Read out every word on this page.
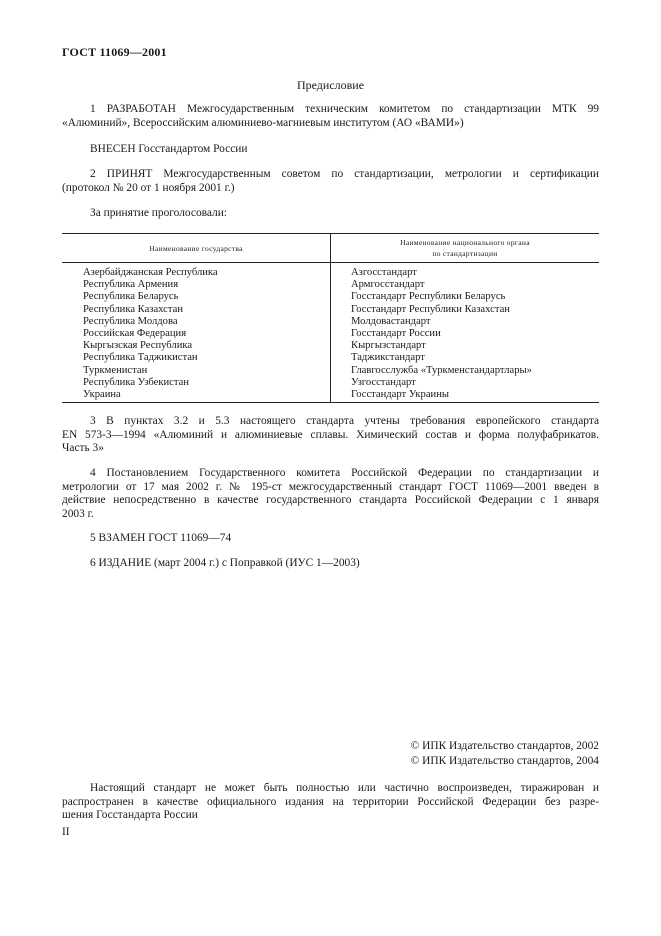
ГОСТ 11069—2001
Предисловие
1 РАЗРАБОТАН Межгосударственным техническим комитетом по стандартизации МТК 99
«Алюминий», Всероссийским алюминиево-магниевым институтом (АО «ВАМИ»)
ВНЕСЕН Госстандартом России
2 ПРИНЯТ Межгосударственным советом по стандартизации, метрологии и сертификации
(протокол № 20 от 1 ноября 2001 г.)
За принятие проголосовали:
Наименование государства	Наименование национального органа
по стандартизации

Азербайджанская Республика	Азгосстандарт
Республика Армения	Армгосстандарт
Республика Беларусь	Госстандарт Республики Беларусь
Республика Казахстан	Госстандарт Республики Казахстан
Республика Молдова	Молдовастандарт
Российская Федерация	Госстандарт России
Кыргызская Республика	Кыргызстандарт
Республика Таджикистан	Таджикстандарт
Туркменистан	Главгосслужба «Туркменстандартлары»
Республика Узбекистан	Узгосстандарт
Украина	Госстандарт Украины
3 В пунктах 3.2 и 5.3 настоящего стандарта учтены требования европейского стандарта
EN 573-3—1994 «Алюминий и алюминиевые сплавы. Химический состав и форма полуфабрикатов.
Часть 3»
4 Постановлением Государственного комитета Российской Федерации по стандартизации и
метрологии от 17 мая 2002 г. № 195-ст межгосударственный стандарт ГОСТ 11069—2001 введен в
действие непосредственно в качестве государственного стандарта Российской Федерации с 1 января
2003 г.
5 ВЗАМЕН ГОСТ 11069—74
6 ИЗДАНИЕ (март 2004 г.) с Поправкой (ИУС 1—2003)
© ИПК Издательство стандартов, 2002
© ИПК Издательство стандартов, 2004
Настоящий стандарт не может быть полностью или частично воспроизведен, тиражирован и
распространен в качестве официального издания на территории Российской Федерации без разре-
шения Госстандарта России
II
